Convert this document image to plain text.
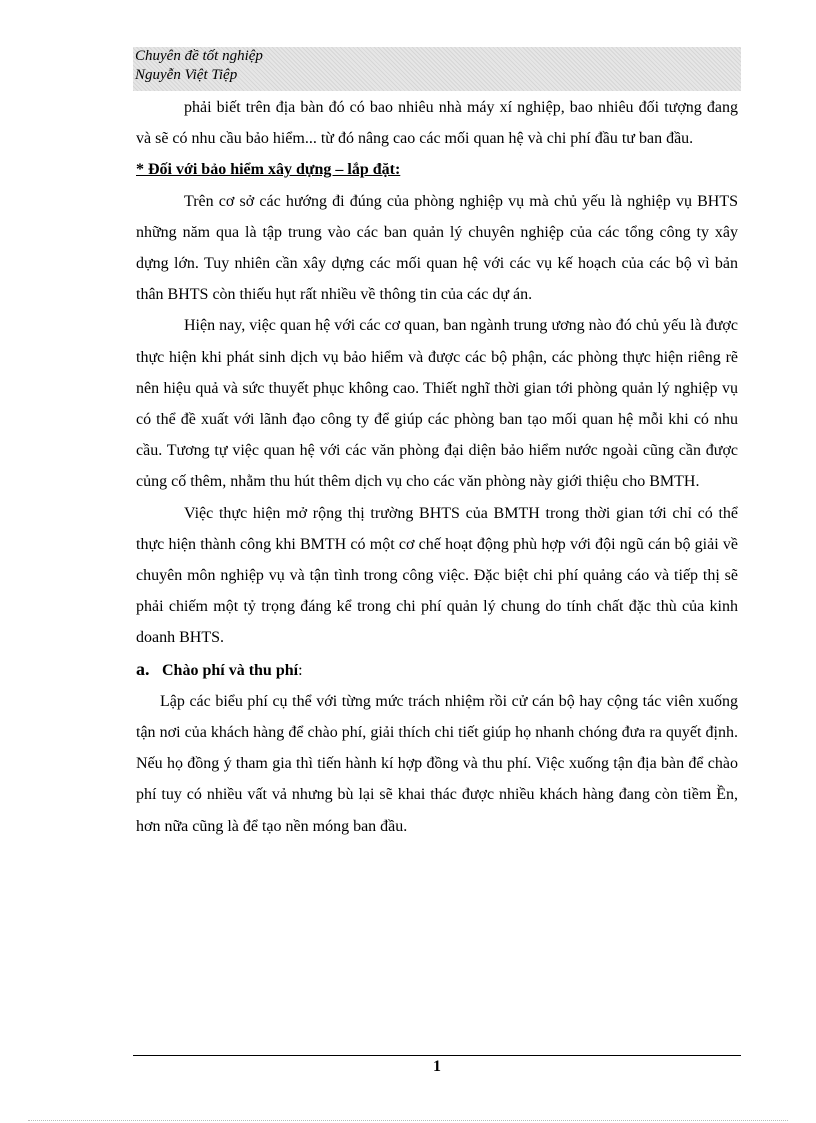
Chuyên đề tốt nghiệp
Nguyễn Việt Tiệp

phải biết trên địa bàn đó có bao nhiêu nhà máy xí nghiệp, bao nhiêu đối tượng đang và sẽ có nhu cầu bảo hiểm... từ đó nâng cao các mối quan hệ và chi phí đầu tư ban đầu.

* Đối với bảo hiểm xây dựng – lắp đặt:

Trên cơ sở các hướng đi đúng của phòng nghiệp vụ mà chủ yếu là nghiệp vụ BHTS những năm qua là tập trung vào các ban quản lý chuyên nghiệp của các tổng công ty xây dựng lớn. Tuy nhiên cần xây dựng các mối quan hệ với các vụ kế hoạch của các bộ vì bản thân BHTS còn thiếu hụt rất nhiều về thông tin của các dự án.

Hiện nay, việc quan hệ với các cơ quan, ban ngành trung ương nào đó chủ yếu là được thực hiện khi phát sinh dịch vụ bảo hiểm và được các bộ phận, các phòng thực hiện riêng rẽ nên hiệu quả và sức thuyết phục không cao. Thiết nghĩ thời gian tới phòng quản lý nghiệp vụ có thể đề xuất với lãnh đạo công ty để giúp các phòng ban tạo mối quan hệ mỗi khi có nhu cầu. Tương tự việc quan hệ với các văn phòng đại diện bảo hiểm nước ngoài cũng cần được củng cố thêm, nhằm thu hút thêm dịch vụ cho các văn phòng này giới thiệu cho BMTH.

Việc thực hiện mở rộng thị trường BHTS của BMTH trong thời gian tới chỉ có thể thực hiện thành công khi BMTH có một cơ chế hoạt động phù hợp với đội ngũ cán bộ giải về chuyên môn nghiệp vụ và tận tình trong công việc. Đặc biệt chi phí quảng cáo và tiếp thị sẽ phải chiếm một tỷ trọng đáng kể trong chi phí quản lý chung do tính chất đặc thù của kinh doanh BHTS.

a. Chào phí và thu phí:

Lập các biểu phí cụ thể với từng mức trách nhiệm rồi cử cán bộ hay cộng tác viên xuống tận nơi của khách hàng để chào phí, giải thích chi tiết giúp họ nhanh chóng đưa ra quyết định. Nếu họ đồng ý tham gia thì tiến hành kí hợp đồng và thu phí. Việc xuống tận địa bàn để chào phí tuy có nhiều vất vả nhưng bù lại sẽ khai thác được nhiều khách hàng đang còn tiềm Ền, hơn nữa cũng là để tạo nền móng ban đầu.

1
